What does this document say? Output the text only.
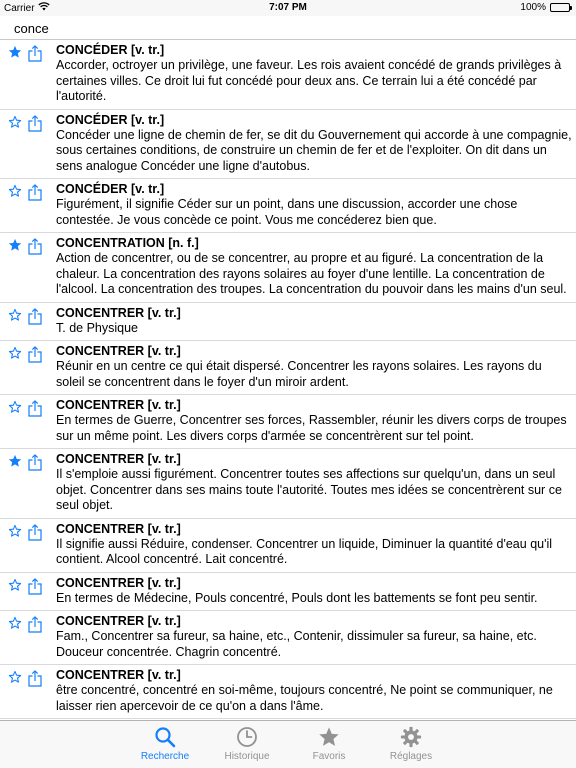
Carrier	7:07 PM	100%
conce
CONCÉDER [v. tr.]
Accorder, octroyer un privilège, une faveur. Les rois avaient concédé de grands privilèges à certaines villes. Ce droit lui fut concédé pour deux ans. Ce terrain lui a été concédé par l'autorité.
CONCÉDER [v. tr.]
Concéder une ligne de chemin de fer, se dit du Gouvernement qui accorde à une compagnie, sous certaines conditions, de construire un chemin de fer et de l'exploiter. On dit dans un sens analogue Concéder une ligne d'autobus.
CONCÉDER [v. tr.]
Figurément, il signifie Céder sur un point, dans une discussion, accorder une chose contestée. Je vous concède ce point. Vous me concéderez bien que.
CONCENTRATION [n. f.]
Action de concentrer, ou de se concentrer, au propre et au figuré. La concentration de la chaleur. La concentration des rayons solaires au foyer d'une lentille. La concentration de l'alcool. La concentration des troupes. La concentration du pouvoir dans les mains d'un seul.
CONCENTRER [v. tr.]
T. de Physique
CONCENTRER [v. tr.]
Réunir en un centre ce qui était dispersé. Concentrer les rayons solaires. Les rayons du soleil se concentrent dans le foyer d'un miroir ardent.
CONCENTRER [v. tr.]
En termes de Guerre, Concentrer ses forces, Rassembler, réunir les divers corps de troupes sur un même point. Les divers corps d'armée se concentrèrent sur tel point.
CONCENTRER [v. tr.]
Il s'emploie aussi figurément. Concentrer toutes ses affections sur quelqu'un, dans un seul objet. Concentrer dans ses mains toute l'autorité. Toutes mes idées se concentrèrent sur ce seul objet.
CONCENTRER [v. tr.]
Il signifie aussi Réduire, condenser. Concentrer un liquide, Diminuer la quantité d'eau qu'il contient. Alcool concentré. Lait concentré.
CONCENTRER [v. tr.]
En termes de Médecine, Pouls concentré, Pouls dont les battements se font peu sentir.
CONCENTRER [v. tr.]
Fam., Concentrer sa fureur, sa haine, etc., Contenir, dissimuler sa fureur, sa haine, etc. Douceur concentrée. Chagrin concentré.
CONCENTRER [v. tr.]
être concentré, concentré en soi-même, toujours concentré, Ne point se communiquer, ne laisser rien apercevoir de ce qu'on a dans l'âme.
Recherche	Historique	Favoris	Réglages
